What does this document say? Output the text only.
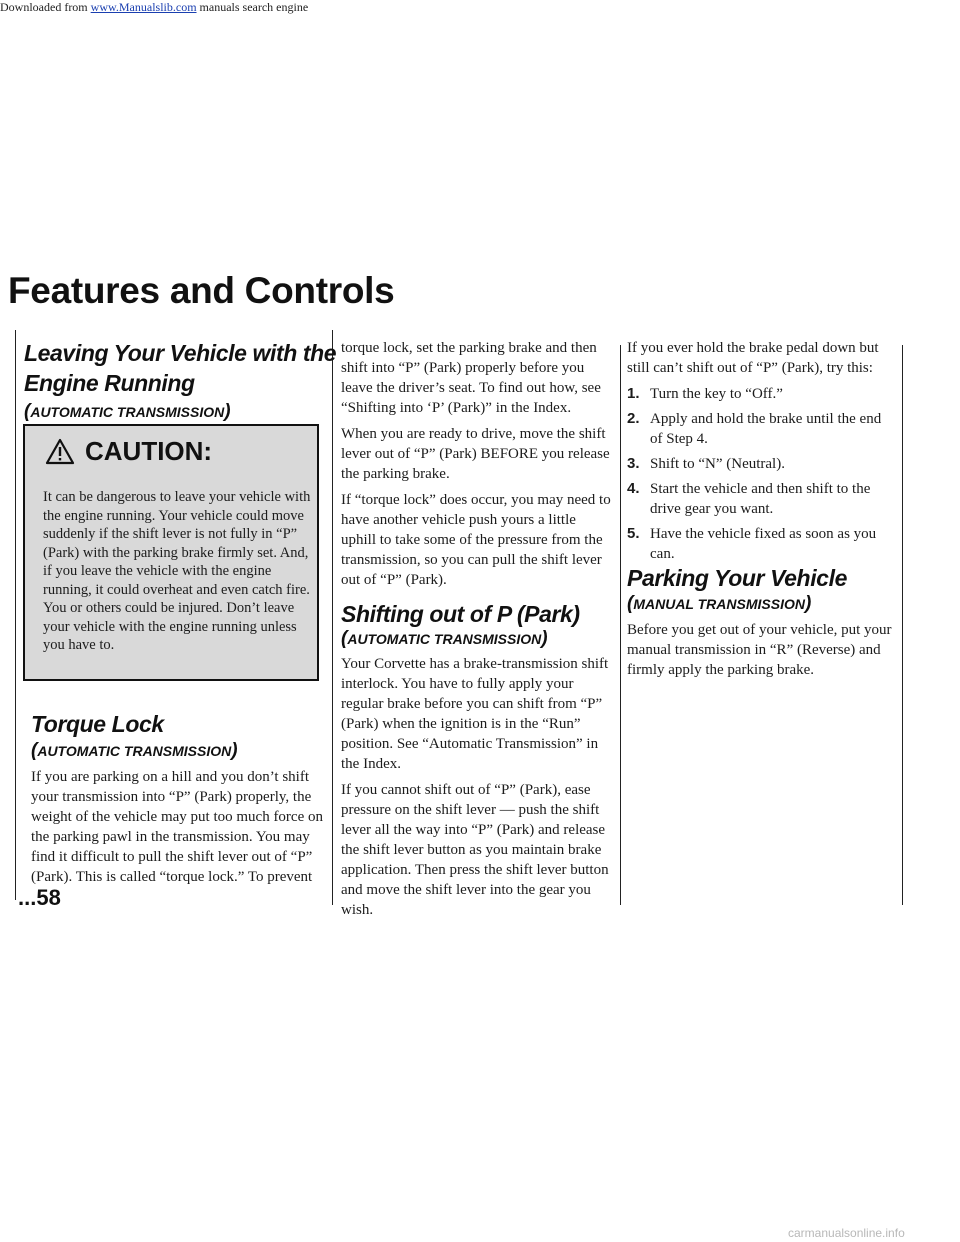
Downloaded from www.Manualslib.com manuals search engine
Features and Controls
Leaving Your Vehicle with the
Engine Running
(AUTOMATIC TRANSMISSION)
CAUTION:
It can be dangerous to leave your vehicle with the engine running. Your vehicle could move suddenly if the shift lever is not fully in “P” (Park) with the parking brake firmly set. And, if you leave the vehicle with the engine running, it could overheat and even catch fire. You or others could be injured. Don’t leave your vehicle with the engine running unless you have to.
Torque Lock
(AUTOMATIC TRANSMISSION)

If you are parking on a hill and you don’t shift your transmission into “P” (Park) properly, the weight of the vehicle may put too much force on the parking pawl in the transmission. You may find it difficult to pull the shift lever out of “P” (Park). This is called “torque lock.” To prevent

...58

torque lock, set the parking brake and then shift into “P” (Park) properly before you leave the driver’s seat. To find out how, see “Shifting into ‘P’ (Park)” in the Index.

When you are ready to drive, move the shift lever out of “P” (Park) BEFORE you release the parking brake.

If “torque lock” does occur, you may need to have another vehicle push yours a little uphill to take some of the pressure from the transmission, so you can pull the shift lever out of “P” (Park).

Shifting out of P (Park)
(AUTOMATIC TRANSMISSION)

Your Corvette has a brake-transmission shift interlock. You have to fully apply your regular brake before you can shift from “P” (Park) when the ignition is in the “Run” position. See “Automatic Transmission” in the Index.

If you cannot shift out of “P” (Park), ease pressure on the shift lever — push the shift lever all the way into “P” (Park) and release the shift lever button as you maintain brake application. Then press the shift lever button and move the shift lever into the gear you wish.

If you ever hold the brake pedal down but still can’t shift out of “P” (Park), try this:

1. Turn the key to “Off.”
2. Apply and hold the brake until the end of Step 4.
3. Shift to “N” (Neutral).
4. Start the vehicle and then shift to the drive gear you want.
5. Have the vehicle fixed as soon as you can.
Parking Your Vehicle
(MANUAL TRANSMISSION)

Before you get out of your vehicle, put your manual transmission in “R” (Reverse) and firmly apply the parking brake.

carmanualsonline.info
